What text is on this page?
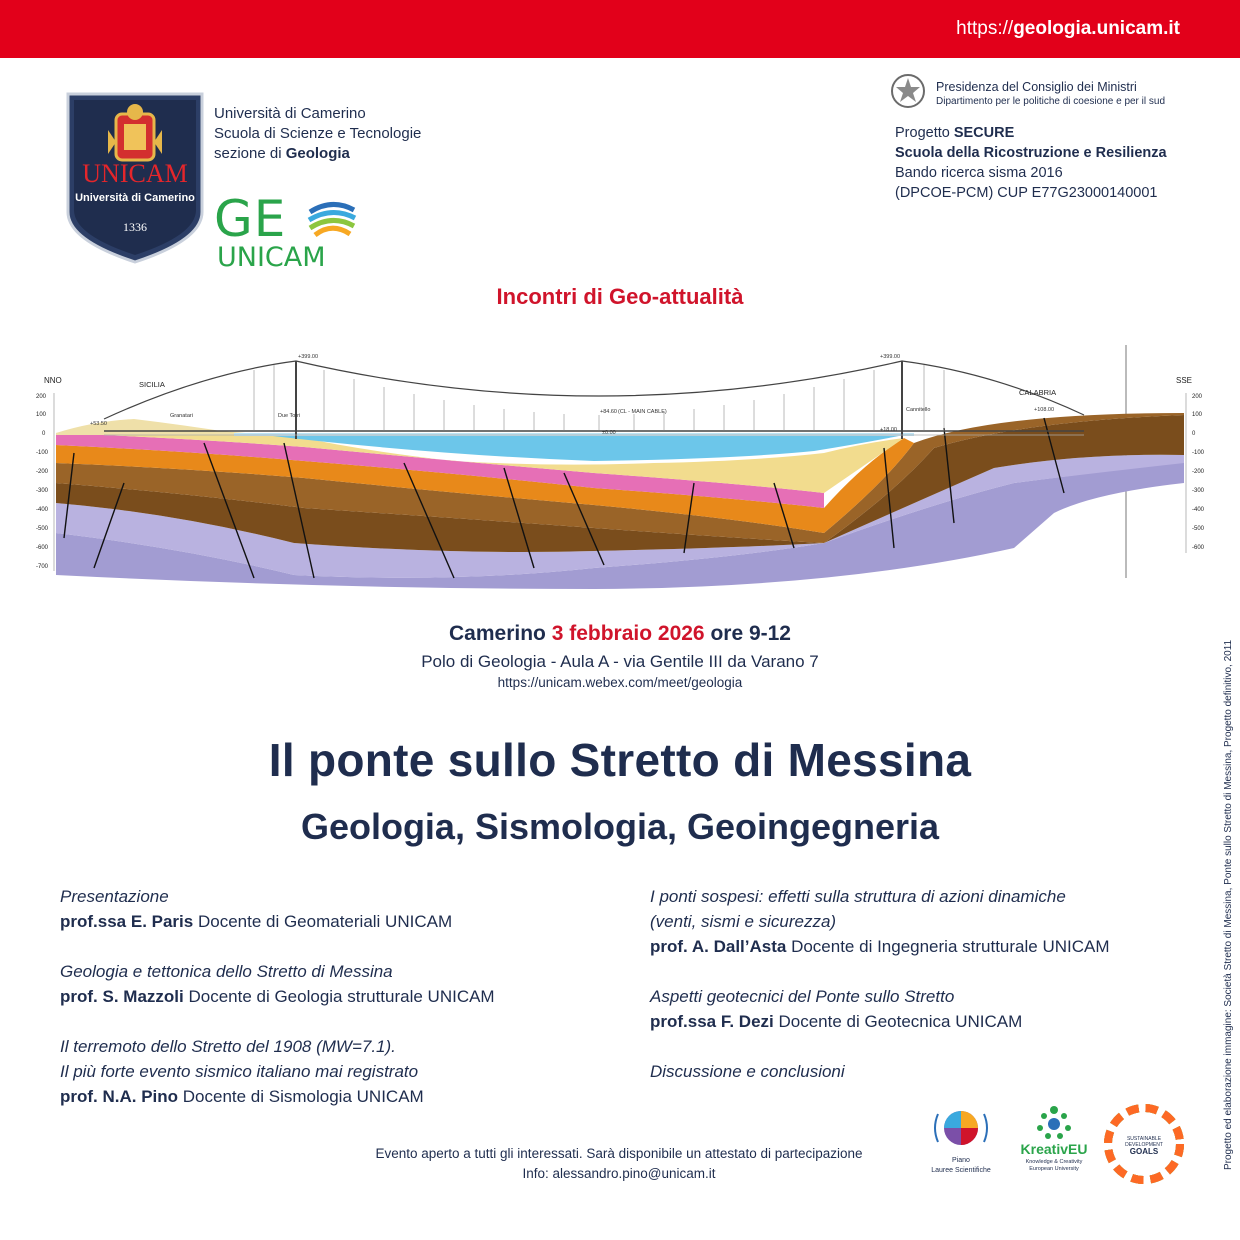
https://geologia.unicam.it
UNICAM
Università di Camerino
1336
Università di Camerino
Scuola di Scienze e Tecnologie
sezione di Geologia
GE
UNICAM
Presidenza del Consiglio dei Ministri
Dipartimento per le politiche di coesione e per il sud
Progetto SECURE
Scuola della Ricostruzione e Resilienza
Bando ricerca sisma 2016
(DPCOE-PCM) CUP E77G23000140001
Incontri di Geo-attualità
NNO
200
100
0
-100
-200
-300
-400
-500
-600
-700
SSE
200
100
0
-100
-200
-300
-400
-500
-600
SICILIA
CALABRIA
Granatari	Due Torri
Cannitello
+399.00	+399.00
+84.60 (CL - MAIN CABLE)
±0.00
+53.50
+18.00
+108.00
Camerino 3 febbraio 2026 ore 9-12
Polo di Geologia - Aula A - via Gentile III da Varano 7
https://unicam.webex.com/meet/geologia
Il ponte sullo Stretto di Messina
Geologia, Sismologia, Geoingegneria
Presentazione
prof.ssa E. Paris Docente di Geomateriali UNICAM
Geologia e tettonica dello Stretto di Messina
prof. S. Mazzoli Docente di Geologia strutturale UNICAM
Il terremoto dello Stretto del 1908 (MW=7.1).
Il più forte evento sismico italiano mai registrato
prof. N.A. Pino Docente di Sismologia UNICAM
I ponti sospesi: effetti sulla struttura di azioni dinamiche
(venti, sismi e sicurezza)
prof. A. Dall’Asta Docente di Ingegneria strutturale UNICAM
Aspetti geotecnici del Ponte sullo Stretto
prof.ssa F. Dezi Docente di Geotecnica UNICAM
Discussione e conclusioni
Evento aperto a tutti gli interessati. Sarà disponibile un attestato di partecipazione
Info: alessandro.pino@unicam.it
Piano
Lauree Scientifiche
KreativEU
Knowledge & Creativity
European University
SUSTAINABLE
DEVELOPMENT
GOALS	Progetto ed elaborazione immagine: Società Stretto di Messina, Ponte sullo Stretto di Messina, Progetto definitivo, 2011
